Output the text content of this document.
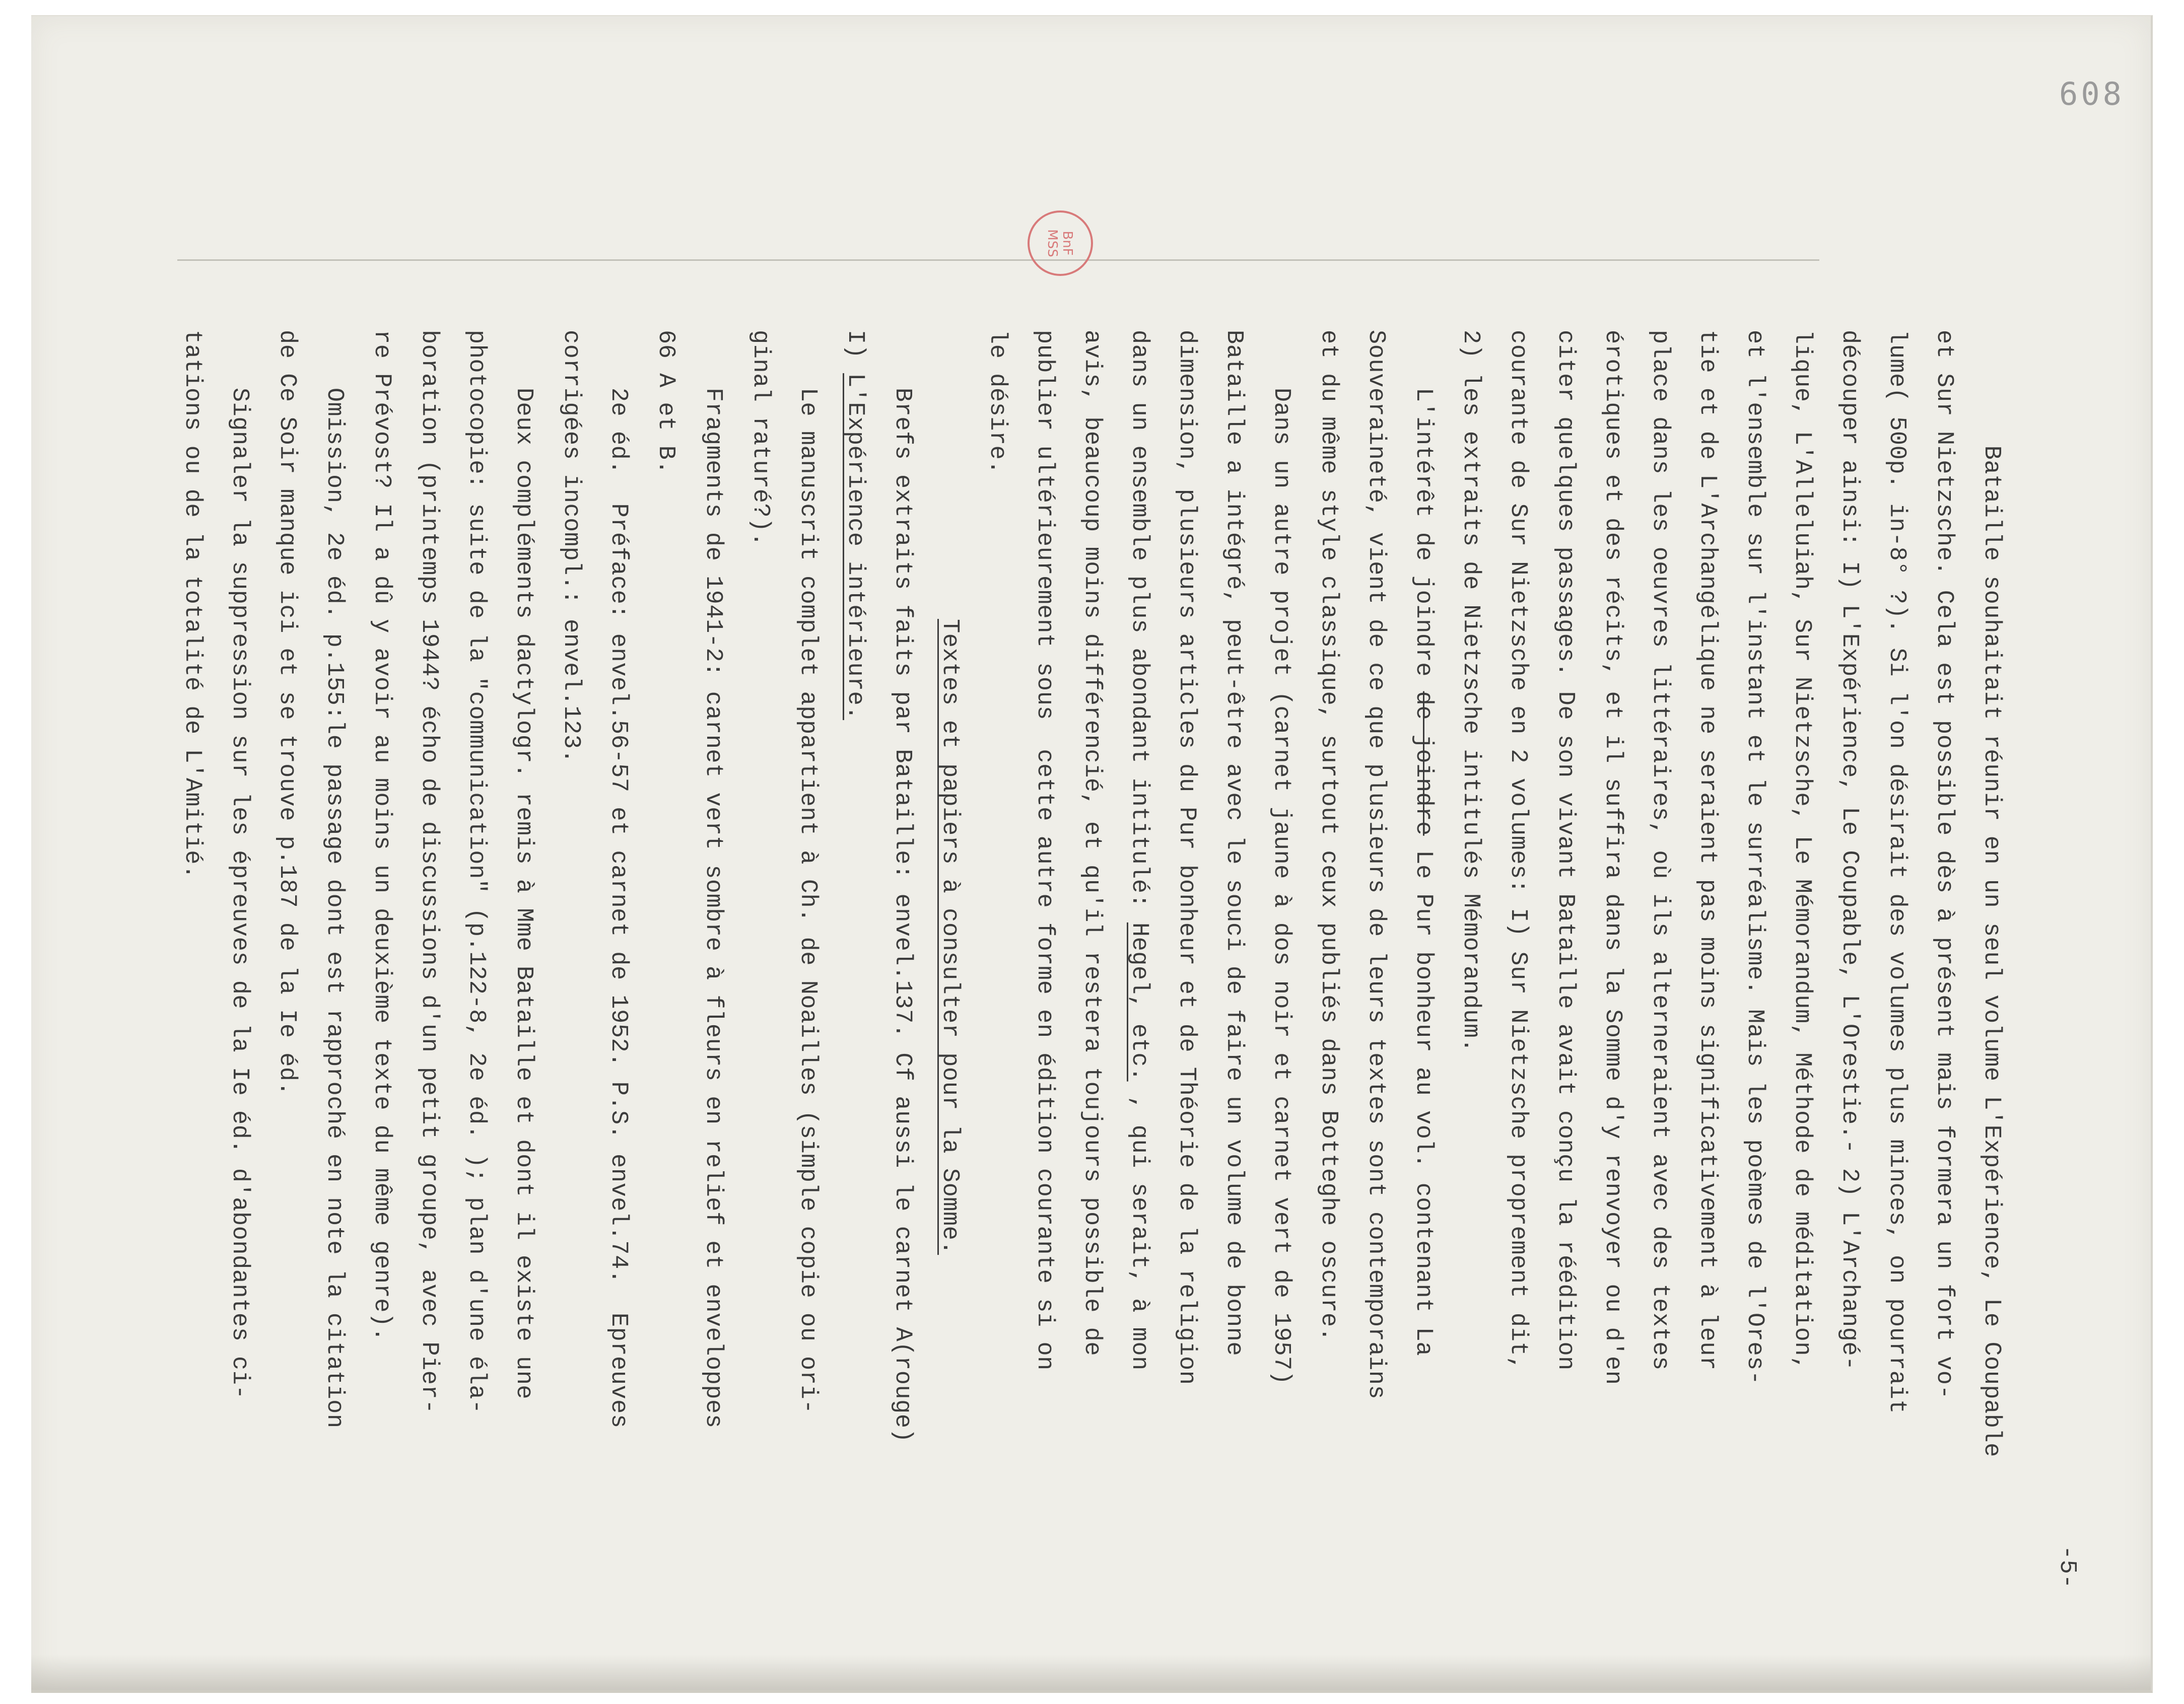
608
BnF
MSS
-5-
Bataille souhaitait réunir en un seul volume L'Expérience, Le Coupable
et Sur Nietzsche. Cela est possible dès à présent mais formera un fort vo-
lume( 500p. in-8° ?). Si l'on désirait des volumes plus minces, on pourrait
découper ainsi: I) L'Expérience, Le Coupable, L'Orestie.- 2) L'Archangé-
lique, L'Alleluiah, Sur Nietzsche, Le Mémorandum, Méthode de méditation,
et l'ensemble sur l'instant et le surréalisme. Mais les poèmes de l'Ores-
tie et de L'Archangélique ne seraient pas moins significativement à leur
place dans les oeuvres littéraires, où ils alterneraient avec des textes
érotiques et des récits, et il suffira dans la Somme d'y renvoyer ou d'en
citer quelques passages. De son vivant Bataille avait conçu la réédition
courante de Sur Nietzsche en 2 volumes: I) Sur Nietzsche proprement dit,
2) les extraits de Nietzsche intitulés Mémorandum.
L'intérêt de joindre de joindre Le Pur bonheur au vol. contenant La
Souveraineté, vient de ce que plusieurs de leurs textes sont contemporains
et du même style classique, surtout ceux publiés dans Botteghe oscure.
Dans un autre projet (carnet jaune à dos noir et carnet vert de 1957)
Bataille a intégré, peut-être avec le souci de faire un volume de bonne
dimension, plusieurs articles du Pur bonheur et de Théorie de la religion
dans un ensemble plus abondant intitulé: Hegel, etc. , qui serait, à mon
avis, beaucoup moins différencié, et qu'il restera toujours possible de
publier ultérieurement sous  cette autre forme en édition courante si on
le désire.
Textes et papiers à consulter pour la Somme.
Brefs extraits faits par Bataille: envel.137. Cf aussi le carnet A(rouge)
I) L'Expérience intérieure.
Le manuscrit complet appartient à Ch. de Noailles (simple copie ou ori-
ginal raturé?).
Fragments de 1941-2: carnet vert sombre à fleurs en relief et enveloppes
66 A et B.
2e éd.  Préface: envel.56-57 et carnet de 1952. P.S. envel.74.  Epreuves
corrigées incompl.: envel.123.
Deux compléments dactylogr. remis à Mme Bataille et dont il existe une
photocopie: suite de la "communication" (p.122-8, 2e éd. ); plan d'une éla-
boration (printemps 1944? écho de discussions d'un petit groupe, avec Pier-
re Prévost? Il a dû y avoir au moins un deuxième texte du même genre).
Omission, 2e éd. p.155:le passage dont est rapproché en note la citation
de Ce Soir manque ici et se trouve p.187 de la Ie éd.
Signaler la suppression sur les épreuves de la Ie éd. d'abondantes ci-
tations ou de la totalité de L'Amitié.
